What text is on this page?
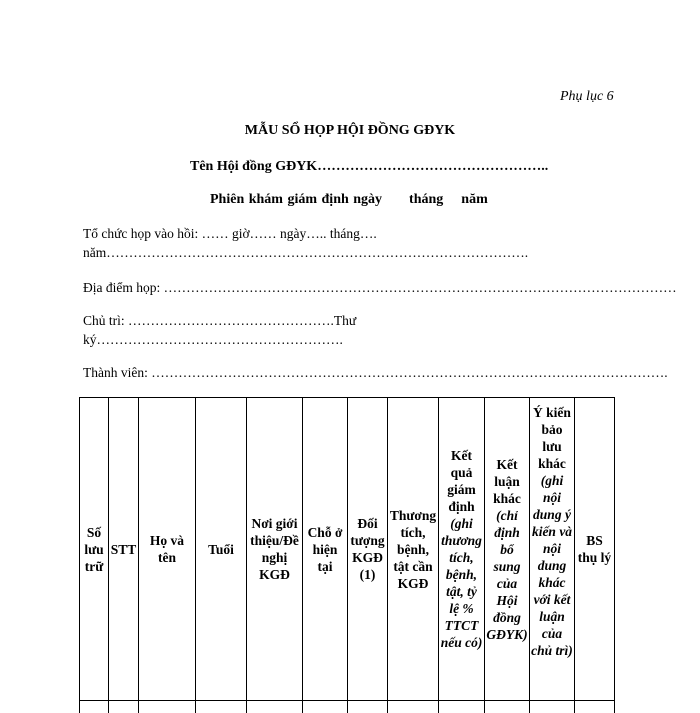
Phụ lục 6
MẪU SỔ HỌP HỘI ĐỒNG GĐYK
Tên Hội đồng GĐYK…………………………………………..
Phiên khám giám định ngày      tháng    năm
Tổ chức họp vào hồi: …… giờ…… ngày….. tháng….
năm………………………………………………………………………………….
Địa điểm họp: ……………………………………………………………………………………………………
Chủ trì: ……………………………………….Thư
ký……………………………………………….
Thành viên: …………………………………………………………………………………………………….
Số lưu trữ	STT	Họ và tên	Tuổi	Nơi giới thiệu/Đề nghị KGĐ	Chỗ ở hiện tại	Đối tượng KGĐ (1)	Thương tích, bệnh, tật cần KGĐ	Kết quả giám định (ghi thương tích, bệnh, tật, tỷ lệ % TTCT nếu có)	Kết luận khác (chỉ định bổ sung của Hội đồng GĐYK)	Ý kiến bảo lưu khác (ghi nội dung ý kiến và nội dung khác với kết luận của chủ trì)	BS thụ lý
